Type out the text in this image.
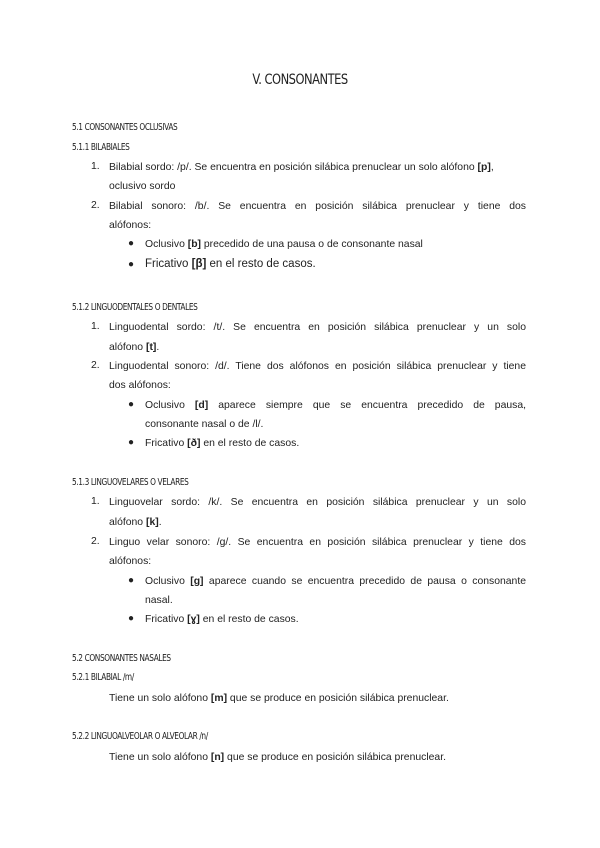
V. CONSONANTES
5.1 CONSONANTES OCLUSIVAS
5.1.1 BILABIALES
1. Bilabial sordo: /p/. Se encuentra en posición silábica prenuclear un solo alófono [p],
oclusivo sordo
2. Bilabial sonoro: /b/. Se encuentra en posición silábica prenuclear y tiene dos
alófonos:
● Oclusivo [b] precedido de una pausa o de consonante nasal
● Fricativo [β] en el resto de casos.
5.1.2 LINGUODENTALES O DENTALES
1. Linguodental sordo: /t/. Se encuentra en posición silábica prenuclear y un solo
alófono [t].
2. Linguodental sonoro: /d/. Tiene dos alófonos en posición silábica prenuclear y tiene
dos alófonos:
● Oclusivo [d] aparece siempre que se encuentra precedido de pausa,
consonante nasal o de /l/.
● Fricativo [ð] en el resto de casos.
5.1.3 LINGUOVELARES O VELARES
1. Linguovelar sordo: /k/. Se encuentra en posición silábica prenuclear y un solo
alófono [k].
2. Linguo velar sonoro: /g/. Se encuentra en posición silábica prenuclear y tiene dos
alófonos:
● Oclusivo [g] aparece cuando se encuentra precedido de pausa o consonante
nasal.
● Fricativo [ɣ] en el resto de casos.
5.2 CONSONANTES NASALES
5.2.1 BILABIAL /m/
Tiene un solo alófono [m] que se produce en posición silábica prenuclear.
5.2.2 LINGUOALVEOLAR O ALVEOLAR /n/
Tiene un solo alófono [n] que se produce en posición silábica prenuclear.
